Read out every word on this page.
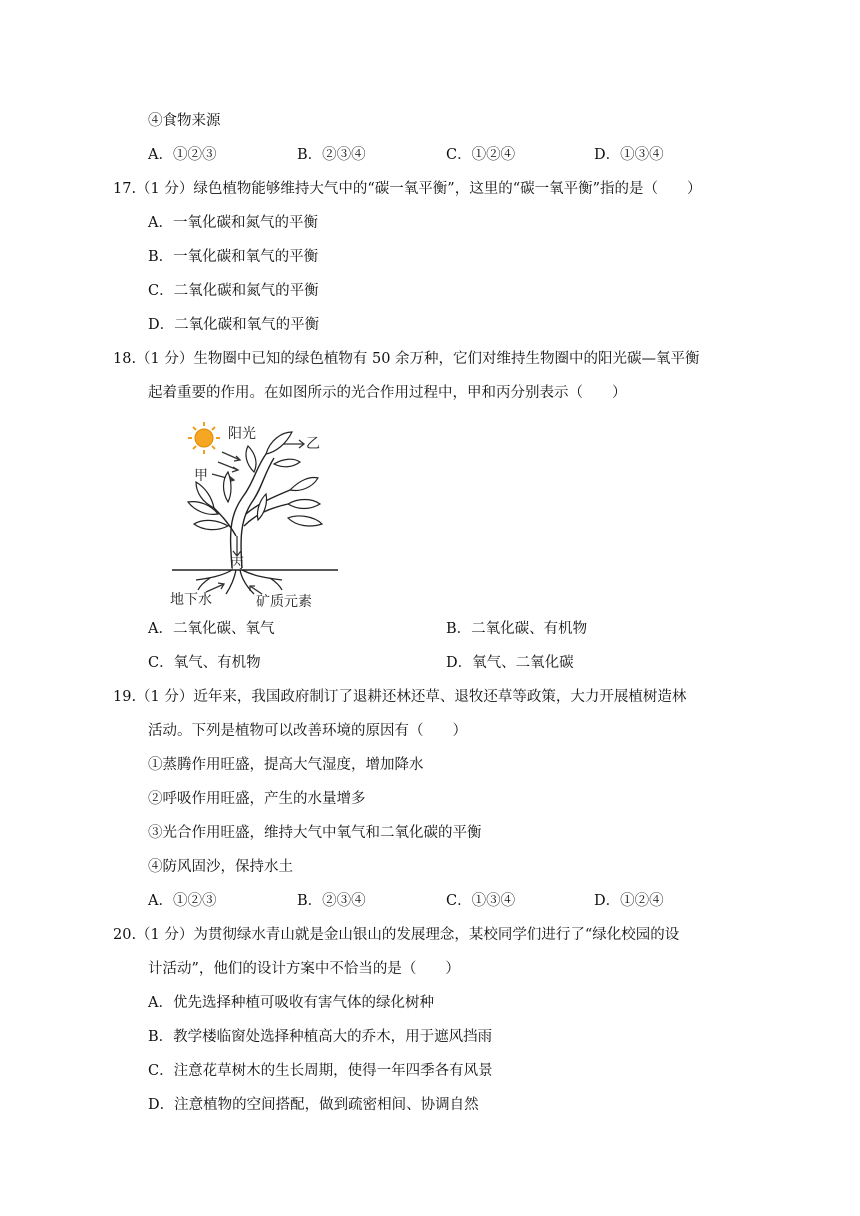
④食物来源
A．①②③	B．②③④	C．①②④	D．①③④
17.（1 分）绿色植物能够维持大气中的“碳一氧平衡”，这里的“碳一氧平衡”指的是（　　）
A．一氧化碳和氮气的平衡
B．一氧化碳和氧气的平衡
C．二氧化碳和氮气的平衡
D．二氧化碳和氧气的平衡
18.（1 分）生物圈中已知的绿色植物有 50 余万种，它们对维持生物圈中的阳光碳—氧平衡
起着重要的作用。在如图所示的光合作用过程中，甲和丙分别表示（　　）
阳光
甲
乙
丙
地下水	矿质元素
A．二氧化碳、氧气	B．二氧化碳、有机物
C．氧气、有机物	D．氧气、二氧化碳
19.（1 分）近年来，我国政府制订了退耕还林还草、退牧还草等政策，大力开展植树造林
活动。下列是植物可以改善环境的原因有（　　）
①蒸腾作用旺盛，提高大气湿度，增加降水
②呼吸作用旺盛，产生的水量增多
③光合作用旺盛，维持大气中氧气和二氧化碳的平衡
④防风固沙，保持水土
A．①②③	B．②③④	C．①③④	D．①②④
20.（1 分）为贯彻绿水青山就是金山银山的发展理念，某校同学们进行了“绿化校园的设
计活动”，他们的设计方案中不恰当的是（　　）
A．优先选择种植可吸收有害气体的绿化树种
B．教学楼临窗处选择种植高大的乔木，用于遮风挡雨
C．注意花草树木的生长周期，使得一年四季各有风景
D．注意植物的空间搭配，做到疏密相间、协调自然
